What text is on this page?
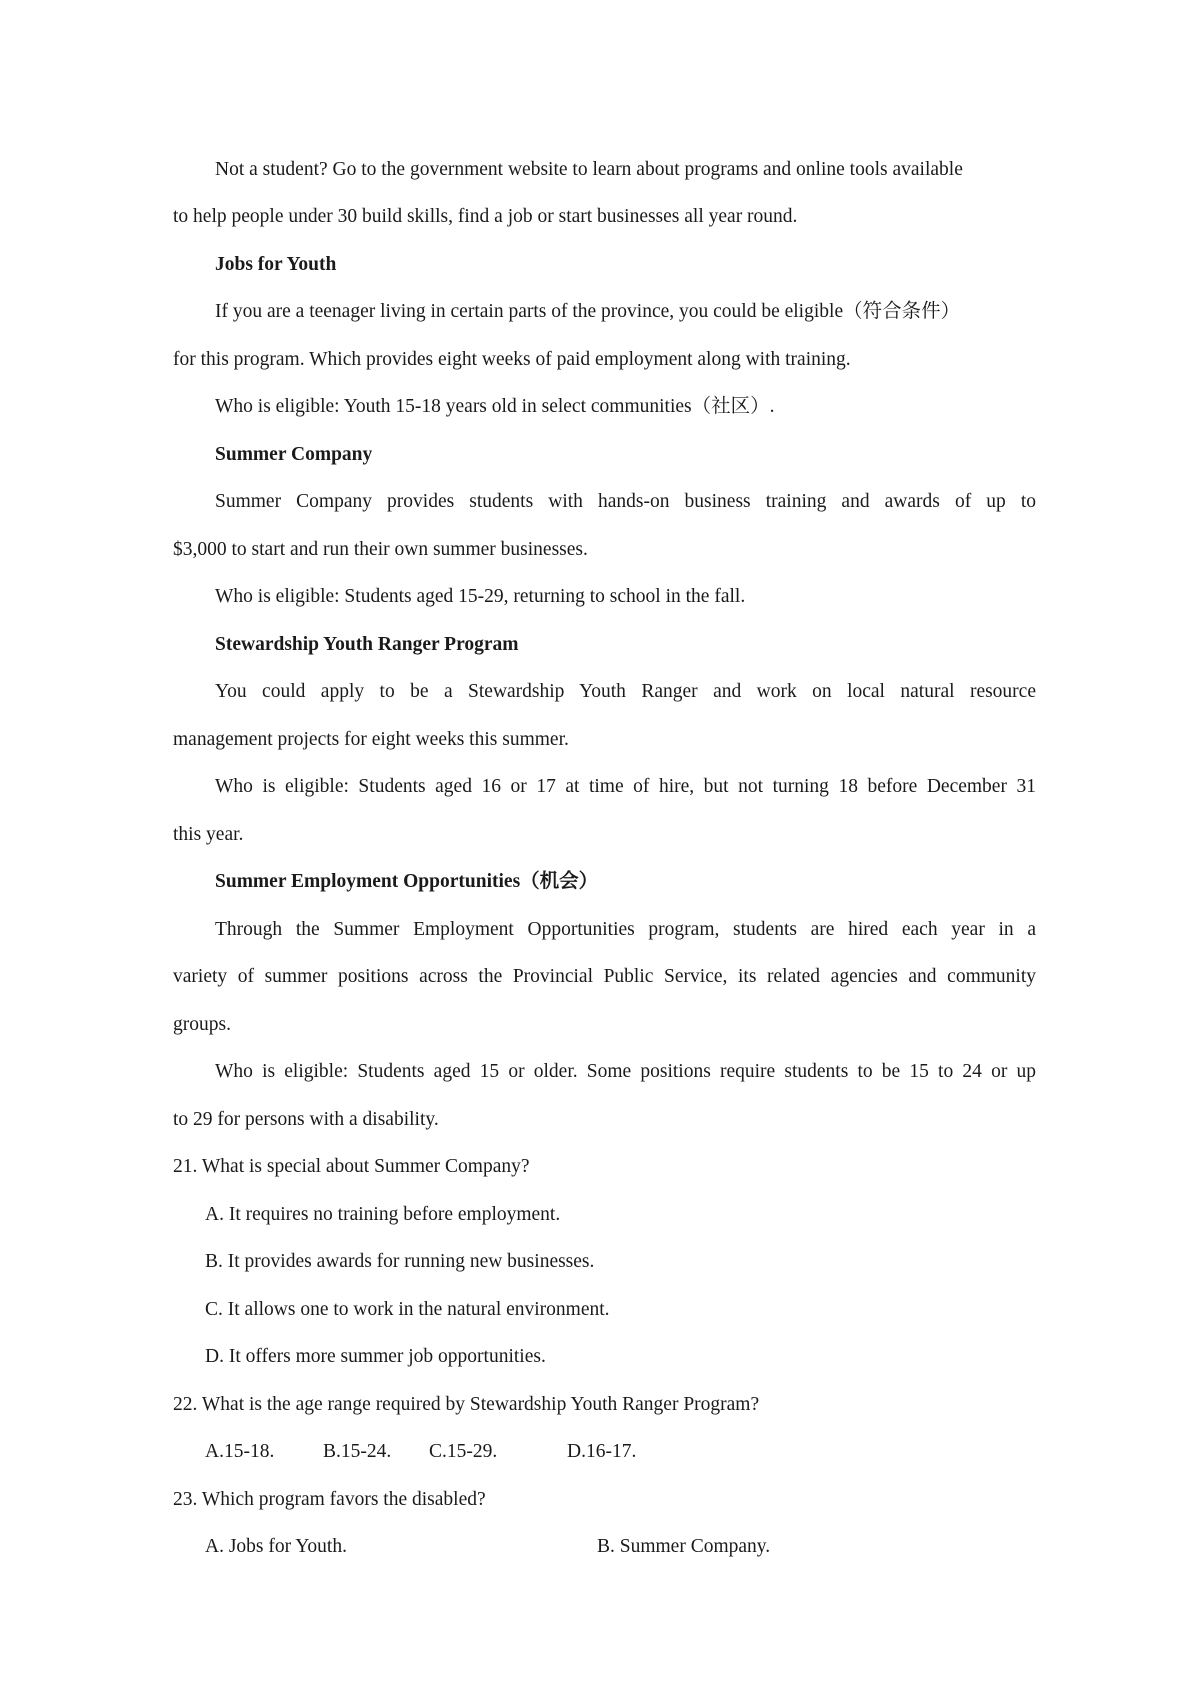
Not a student? Go to the government website to learn about programs and online tools available
to help people under 30 build skills, find a job or start businesses all year round.
Jobs for Youth
If you are a teenager living in certain parts of the province, you could be eligible（符合条件）
for this program. Which provides eight weeks of paid employment along with training.
Who is eligible: Youth 15-18 years old in select communities（社区）.
Summer Company
Summer Company provides students with hands-on business training and awards of up to
$3,000 to start and run their own summer businesses.
Who is eligible: Students aged 15-29, returning to school in the fall.
Stewardship Youth Ranger Program
You could apply to be a Stewardship Youth Ranger and work on local natural resource
management projects for eight weeks this summer.
Who is eligible: Students aged 16 or 17 at time of hire, but not turning 18 before December 31
this year.
Summer Employment Opportunities（机会）
Through the Summer Employment Opportunities program, students are hired each year in a
variety of summer positions across the Provincial Public Service, its related agencies and community
groups.
Who is eligible: Students aged 15 or older. Some positions require students to be 15 to 24 or up
to 29 for persons with a disability.
21. What is special about Summer Company?
A. It requires no training before employment.
B. It provides awards for running new businesses.
C. It allows one to work in the natural environment.
D. It offers more summer job opportunities.
22. What is the age range required by Stewardship Youth Ranger Program?
A.15-18. B.15-24. C.15-29.	D.16-17.
23. Which program favors the disabled?
A. Jobs for Youth.	B. Summer Company.
